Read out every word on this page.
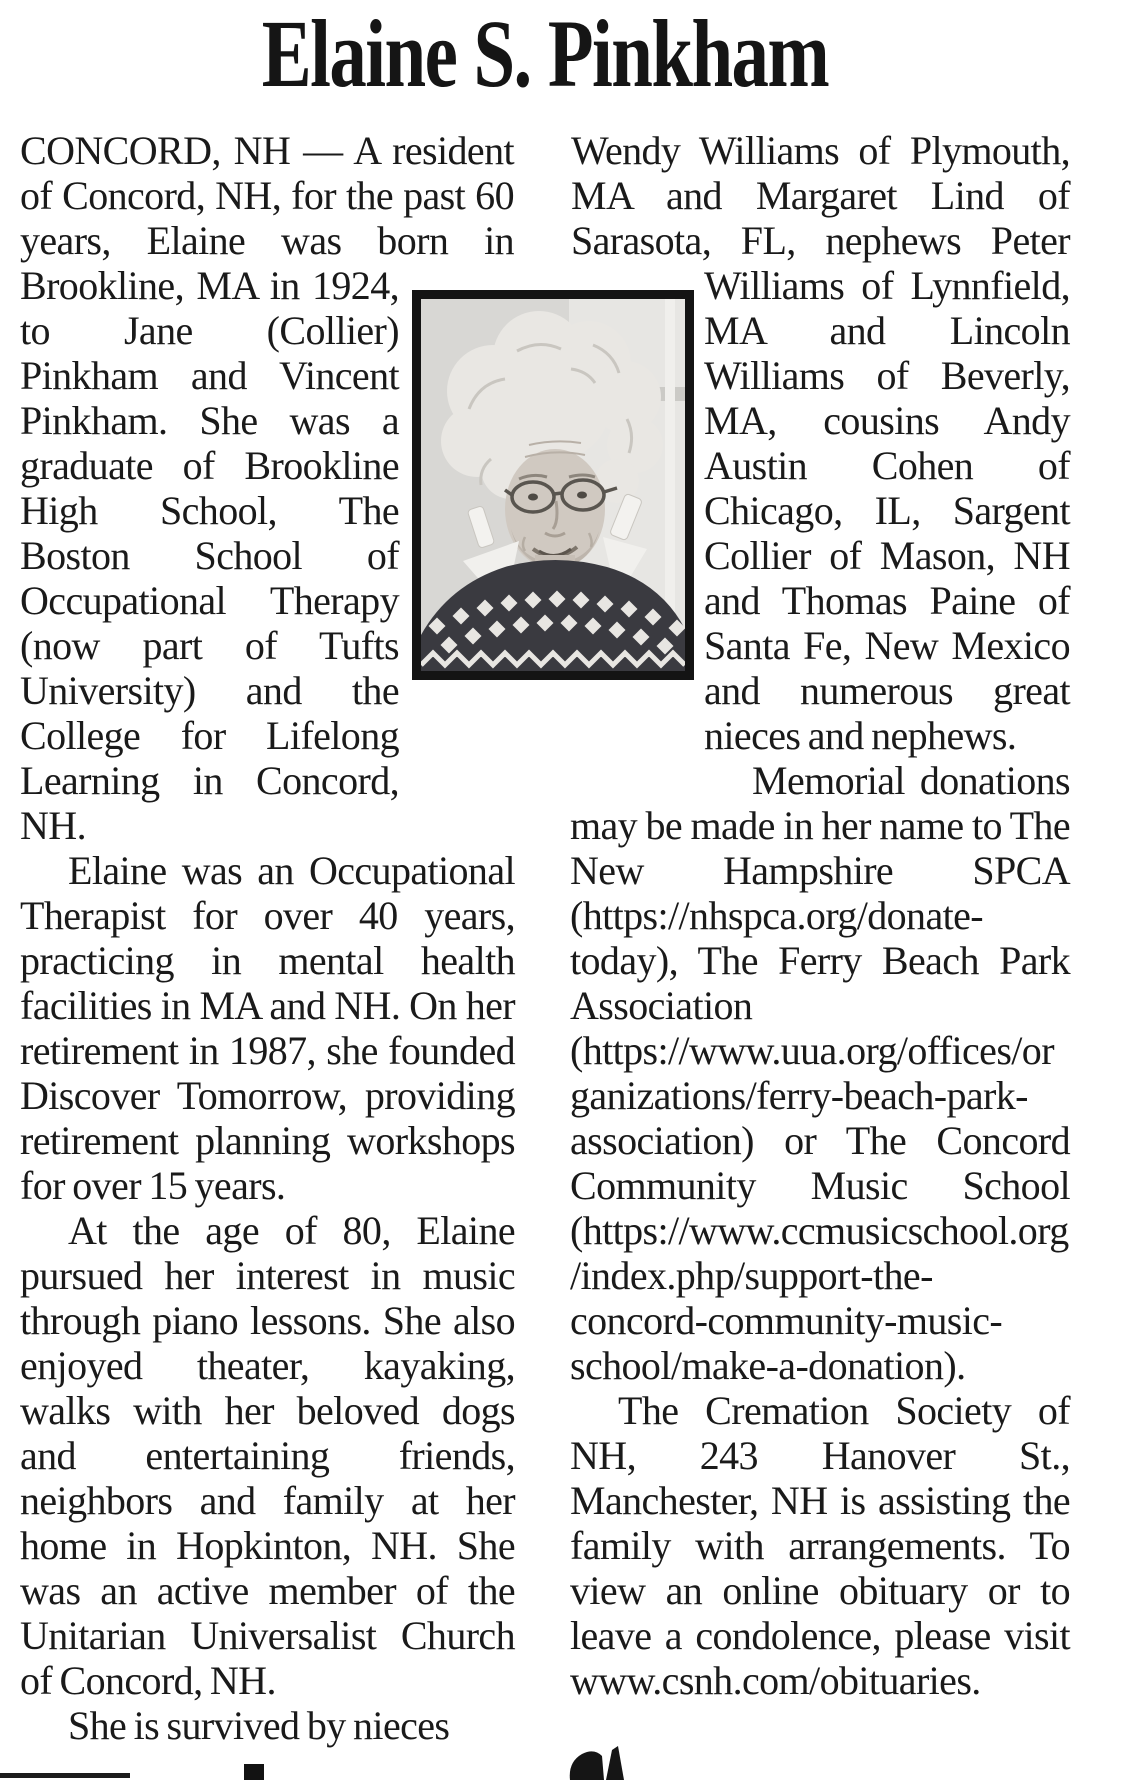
Elaine S. Pinkham

CONCORD, NH — A resident of Concord, NH, for the past 60 years, Elaine was born in Brookline, MA in 1924, to Jane (Collier) Pinkham and Vincent Pinkham. She was a graduate of Brookline High School, The Boston School of Occupational Therapy (now part of Tufts University) and the College for Lifelong Learning in Concord, NH.

Elaine was an Occupational Therapist for over 40 years, practicing in mental health facilities in MA and NH. On her retirement in 1987, she founded Discover Tomorrow, providing retirement planning workshops for over 15 years.

At the age of 80, Elaine pursued her interest in music through piano lessons. She also enjoyed theater, kayaking, walks with her beloved dogs and entertaining friends, neighbors and family at her home in Hopkinton, NH. She was an active member of the Unitarian Universalist Church of Concord, NH.

She is survived by nieces

Wendy Williams of Plymouth, MA and Margaret Lind of Sarasota, FL, nephews Peter Williams of Lynnfield, MA and Lincoln Williams of Beverly, MA, cousins Andy Austin Cohen of Chicago, IL, Sargent Collier of Mason, NH and Thomas Paine of Santa Fe, New Mexico and numerous great nieces and nephews.

Memorial donations may be made in her name to The New Hampshire SPCA (https://nhspca.org/donate-today), The Ferry Beach Park Association (https://www.uua.org/offices/organizations/ferry-beach-park-association) or The Concord Community Music School (https://www.ccmusicschool.org/index.php/support-the-concord-community-music-school/make-a-donation).

The Cremation Society of NH, 243 Hanover St., Manchester, NH is assisting the family with arrangements. To view an online obituary or to leave a condolence, please visit www.csnh.com/obituaries.
